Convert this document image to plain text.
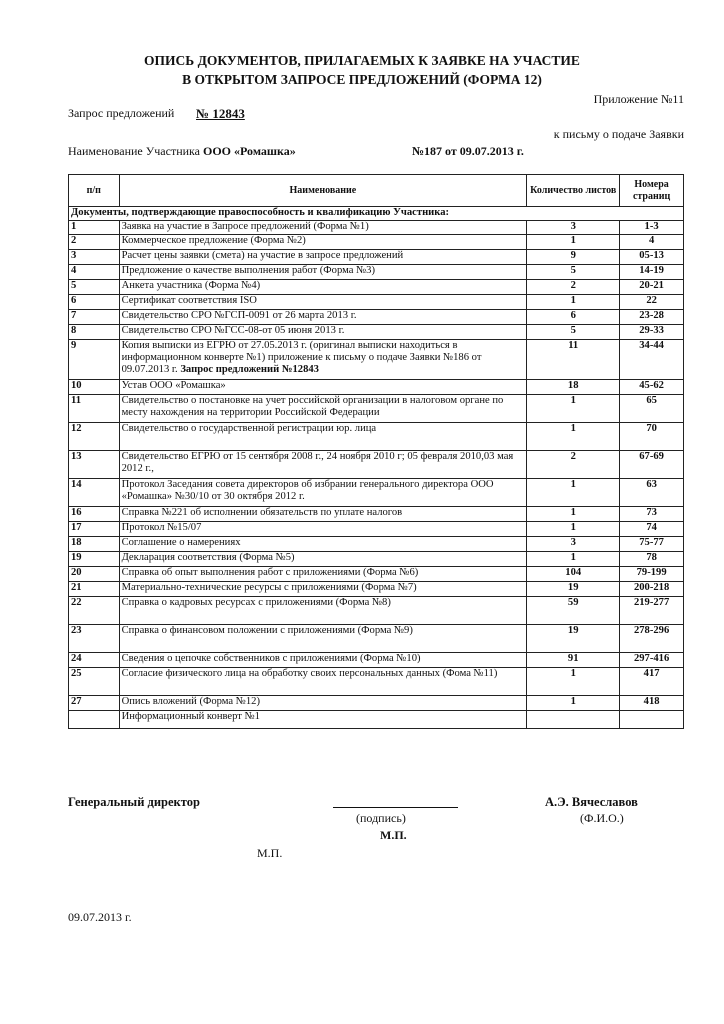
ОПИСЬ ДОКУМЕНТОВ, ПРИЛАГАЕМЫХ К ЗАЯВКЕ НА УЧАСТИЕ
В ОТКРЫТОМ ЗАПРОСЕ ПРЕДЛОЖЕНИЙ (ФОРМА 12)
Приложение №11
Запрос предложений № 12843
к письму о подаче Заявки
Наименование Участника ООО «Ромашка»	№187 от 09.07.2013 г.
п/п	Наименование	Количество листов	Номера страниц
Документы, подтверждающие правоспособность и квалификацию Участника:			
1	Заявка на участие в Запросе предложений (Форма №1)	3	1-3
2	Коммерческое предложение (Форма №2)	1	4
3	Расчет цены заявки (смета) на участие в запросе предложений	9	05-13
4	Предложение о качестве выполнения работ (Форма №3)	5	14-19
5	Анкета участника (Форма №4)	2	20-21
6	Сертификат соответствия ISO	1	22
7	Свидетельство СРО №ГСП-0091 от 26 марта 2013 г.	6	23-28
8	Свидетельство СРО №ГСС-08-от 05 июня 2013 г.	5	29-33
9	Копия выписки из ЕГРЮ от 27.05.2013 г. (оригинал выписки находиться в информационном конверте №1) приложение к письму о подаче Заявки №186 от 09.07.2013 г. Запрос предложений №12843	11	34-44
10	Устав ООО «Ромашка»	18	45-62
11	Свидетельство о постановке на учет российской организации в налоговом органе по месту нахождения на территории Российской Федерации	1	65
12	Свидетельство о государственной регистрации юр. лица	1	70
13	Свидетельство ЕГРЮ от 15 сентября 2008 г., 24 ноября 2010 г; 05 февраля 2010,03 мая 2012 г.,	2	67-69
14	Протокол Заседания совета директоров об избрании генерального директора ООО «Ромашка» №30/10 от 30 октября 2012 г.	1	63
16	Справка №221 об исполнении обязательств по уплате налогов	1	73
17	Протокол №15/07	1	74
18	Соглашение о намерениях	3	75-77
19	Декларация соответствия (Форма №5)	1	78
20	Справка об опыт выполнения работ с приложениями (Форма №6)	104	79-199
21	Материально-технические ресурсы с приложениями (Форма №7)	19	200-218
22	Справка о кадровых ресурсах с приложениями (Форма №8)	59	219-277
23	Справка о финансовом положении с приложениями (Форма №9)	19	278-296
24	Сведения о цепочке собственников с приложениями (Форма №10)	91	297-416
25	Согласие физического лица на обработку своих персональных данных (Фома №11)	1	417
27	Опись вложений (Форма №12)	1	418
	Информационный конверт №1		
Генеральный директор	А.Э. Вячеславов
(подпись)	(Ф.И.О.)
М.П.
М.П.
09.07.2013 г.
